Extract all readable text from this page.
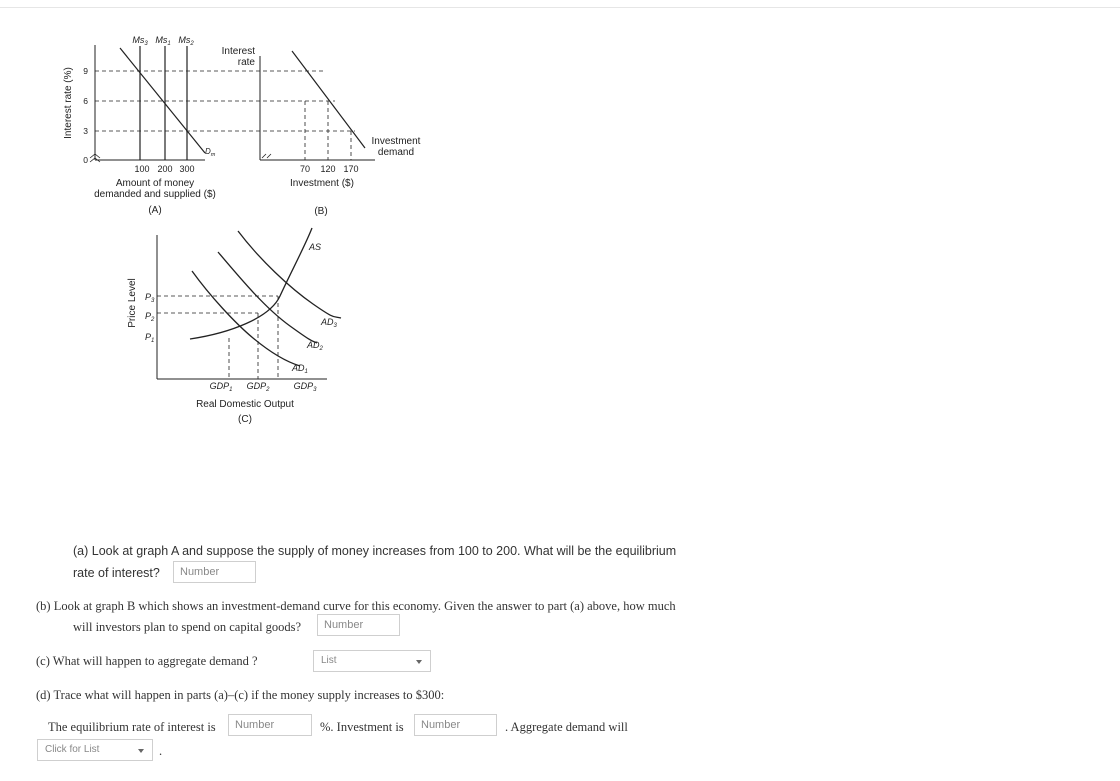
Interest rate (%) 9
6
3
0
100 200 300
Amount of money
demanded and supplied ($)
(A)
$Ms_3$ $Ms_1$ $Ms_2$
$D_m$
Interest
rate
70 120 170
Investment ($)
(B)
Investment
demand
Price Level $P_3$
$P_2$
$P_1$
$GDP_1$ $GDP_2$	$GDP_3$
AS
$AD_3$
$AD_2$
$AD_1$
Real Domestic Output
(C)
(a) Look at graph A and suppose the supply of money increases from 100 to 200. What will be the equilibrium
rate of interest?
Number
(b) Look at graph B which shows an investment-demand curve for this economy. Given the answer to part (a) above, how much
will investors plan to spend on capital goods?
Number
(c) What will happen to aggregate demand ?	List
(d) Trace what will happen in parts (a)–(c) if the money supply increases to $300:
The equilibrium rate of interest is
Number	%. Investment is
Number	. Aggregate demand will
Click for List	.
